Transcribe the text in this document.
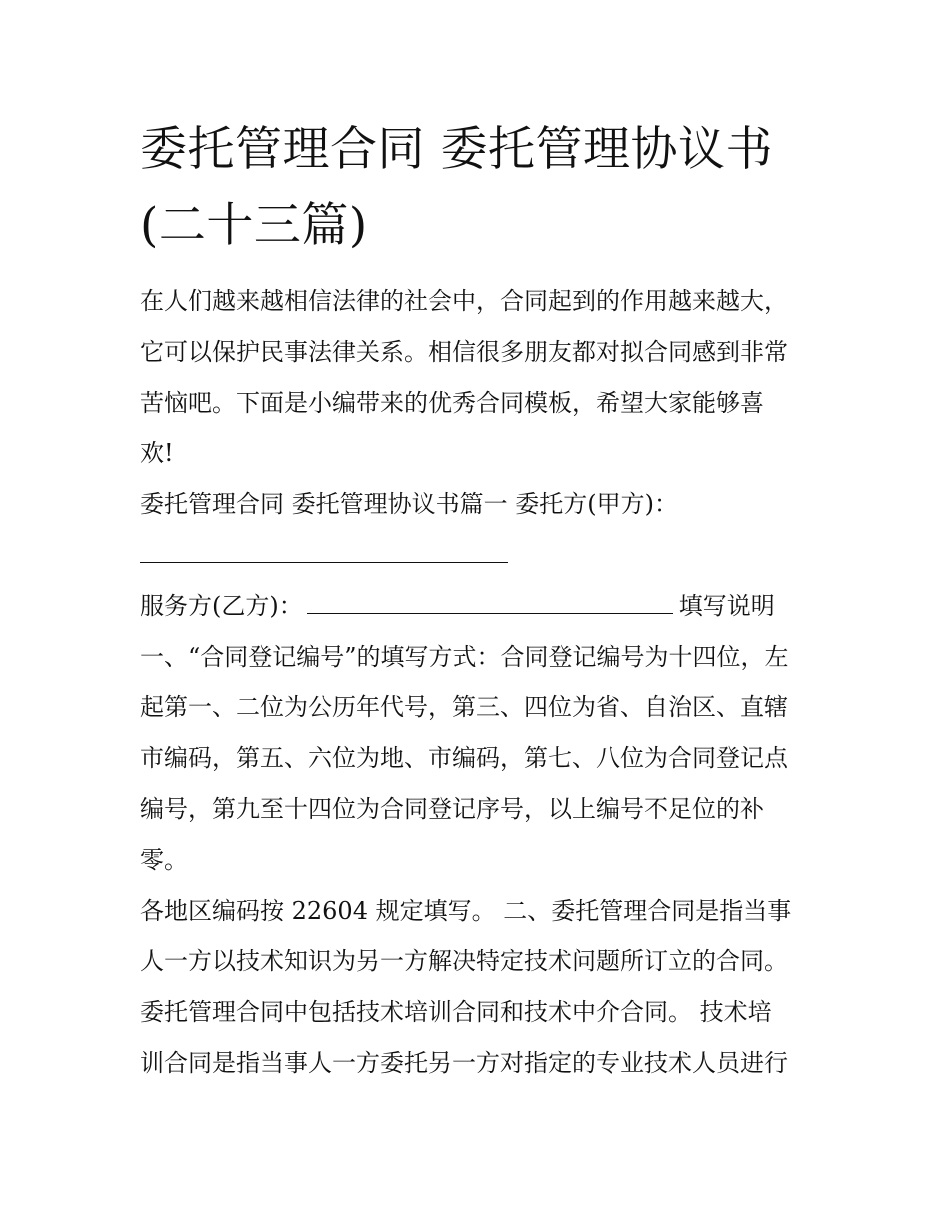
委托管理合同 委托管理协议书
(二十三篇)
在人们越来越相信法律的社会中，合同起到的作用越来越大，
它可以保护民事法律关系。相信很多朋友都对拟合同感到非常
苦恼吧。下面是小编带来的优秀合同模板，希望大家能够喜
欢!
委托管理合同 委托管理协议书篇一 委托方(甲方)：
服务方(乙方)：	填写说明
一、“合同登记编号”的填写方式：合同登记编号为十四位，左
起第一、二位为公历年代号，第三、四位为省、自治区、直辖
市编码，第五、六位为地、市编码，第七、八位为合同登记点
编号，第九至十四位为合同登记序号，以上编号不足位的补
零。
各地区编码按 22604 规定填写。 二、委托管理合同是指当事
人一方以技术知识为另一方解决特定技术问题所订立的合同。
委托管理合同中包括技术培训合同和技术中介合同。 技术培
训合同是指当事人一方委托另一方对指定的专业技术人员进行
